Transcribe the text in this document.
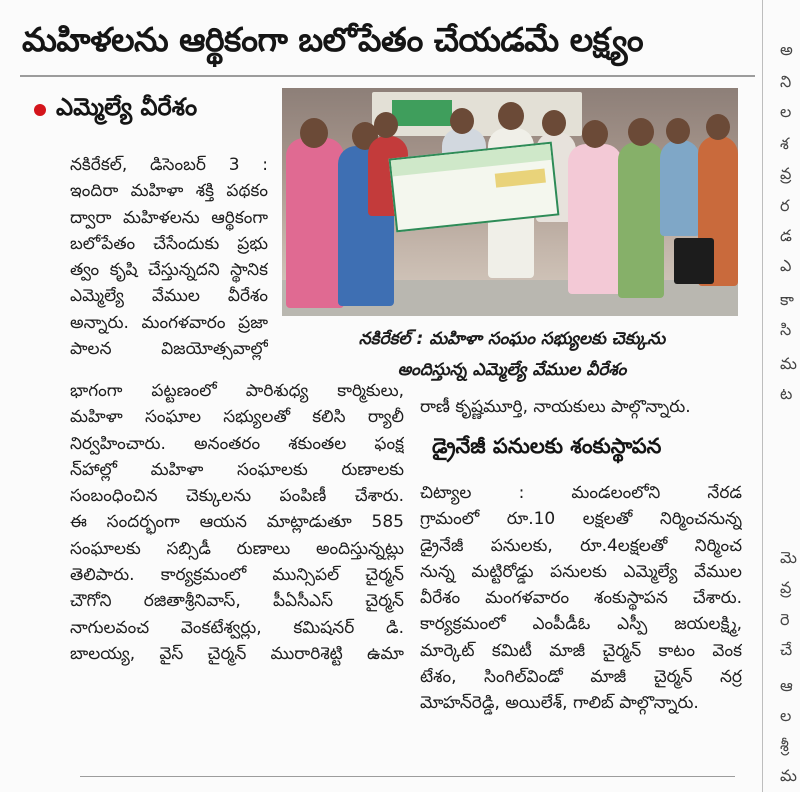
మహిళలను ఆర్థికంగా బలోపేతం చేయడమే లక్ష్యం
ఎమ్మెల్యే వీరేశం
నకిరేకల్ : మహిళా సంఘం సభ్యులకు చెక్కును
అందిస్తున్న ఎమ్మెల్యే వేముల వీరేశం
నకిరేకల్, డిసెంబర్ 3 :
ఇందిరా మహిళా శక్తి పథకం
ద్వారా మహిళలను ఆర్థికంగా
బలోపేతం చేసేందుకు ప్రభు
త్వం కృషి చేస్తున్నదని స్థానిక
ఎమ్మెల్యే వేముల వీరేశం
అన్నారు. మంగళవారం ప్రజా
పాలన విజయోత్సవాల్లో
భాగంగా పట్టణంలో పారిశుధ్య కార్మికులు,
మహిళా సంఘాల సభ్యులతో కలిసి ర్యాలీ
నిర్వహించారు. అనంతరం శకుంతల ఫంక్ష
న్‌హాల్లో మహిళా సంఘాలకు రుణాలకు
సంబంధించిన చెక్కులను పంపిణీ చేశారు.
ఈ సందర్భంగా ఆయన మాట్లాడుతూ 585
సంఘాలకు సబ్సిడీ రుణాలు అందిస్తున్నట్లు
తెలిపారు. కార్యక్రమంలో మున్సిపల్ చైర్మన్
చౌగోని రజితాశ్రీనివాస్, పీఏసీఎస్ చైర్మన్
నాగులవంచ వెంకటేశ్వర్లు, కమిషనర్ డి.
బాలయ్య, వైస్ చైర్మన్ మురారిశెట్టి ఉమా
రాణీ కృష్ణమూర్తి, నాయకులు పాల్గొన్నారు.
డ్రైనేజీ పనులకు శంకుస్థాపన
చిట్యాల : మండలంలోని నేరడ
గ్రామంలో రూ.10 లక్షలతో నిర్మించనున్న
డ్రైనేజీ పనులకు, రూ.4లక్షలతో నిర్మించ
నున్న మట్టిరోడ్డు పనులకు ఎమ్మెల్యే వేముల
వీరేశం మంగళవారం శంకుస్థాపన చేశారు.
కార్యక్రమంలో ఎంపీడీఓ ఎస్పీ జయలక్ష్మి,
మార్కెట్ కమిటీ మాజీ చైర్మన్ కాటం వెంక
టేశం, సింగిల్‌విండో మాజీ చైర్మన్ నర్ర
మోహన్‌రెడ్డి, అయిలేశ్, గాలిబ్ పాల్గొన్నారు.
అ
ని
ల
శ
వ్ర
ర
డ
ఎ
కా
సి
మ
ట
మె
వ్ర
రె
చే
ఆ
ల
శ్రీ
మ
